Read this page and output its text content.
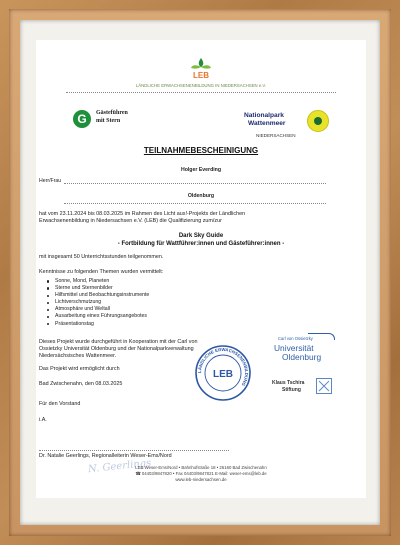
LEB
LÄNDLICHE ERWACHSENENBILDUNG IN NIEDERSACHSEN e.V.
G	Gästeführen
mit Stern
Nationalpark
Wattenmeer
NIEDERSACHSEN
TEILNAHMEBESCHEINIGUNG
Holger Everding
Herr/Frau
Oldenburg
hat vom 23.11.2024 bis 08.03.2025 im Rahmen des Licht aus!-Projekts der Ländlichen
Erwachsenenbildung in Niedersachsen e.V. (LEB) die Qualifizierung zum/zur
Dark Sky Guide
- Fortbildung für Wattführer:innen und Gästeführer:innen -
mit insgesamt 50 Unterrichtsstunden teilgenommen.
Kenntnisse zu folgenden Themen wurden vermittelt:
Sonne, Mond, Planeten
Sterne und Sternenbilder
Hilfsmittel und Beobachtungsinstrumente
Lichtverschmutzung
Atmosphäre und Weltall
Ausarbeitung eines Führungsangebotes
Präsentationstag
Dieses Projekt wurde durchgeführt in Kooperation mit der Carl von
Ossietzky Universität Oldenburg und der Nationalparkverwaltung
Niedersächsisches Wattenmeer.
Das Projekt wird ermöglicht durch
Bad Zwischenahn, den 08.03.2025
Für den Vorstand
i.A.
N. Geerlings
Dr. Natalie Geerlings, Regionalleiterin Weser-Ems/Nord
LÄNDLICHE ERWACHSENENBILDUNG
LEB
Carl von Ossietzky
Universität
Oldenburg
Klaus Tschira
Stiftung
LEB Weser-Ems/Nord • Bahnhofstraße 18 • 26160 Bad Zwischenahn
☎ 04403/9847820 • Fax 04403/9847821 E-Mail: weser-ems@leb.de
www.leb-niedersachsen.de
